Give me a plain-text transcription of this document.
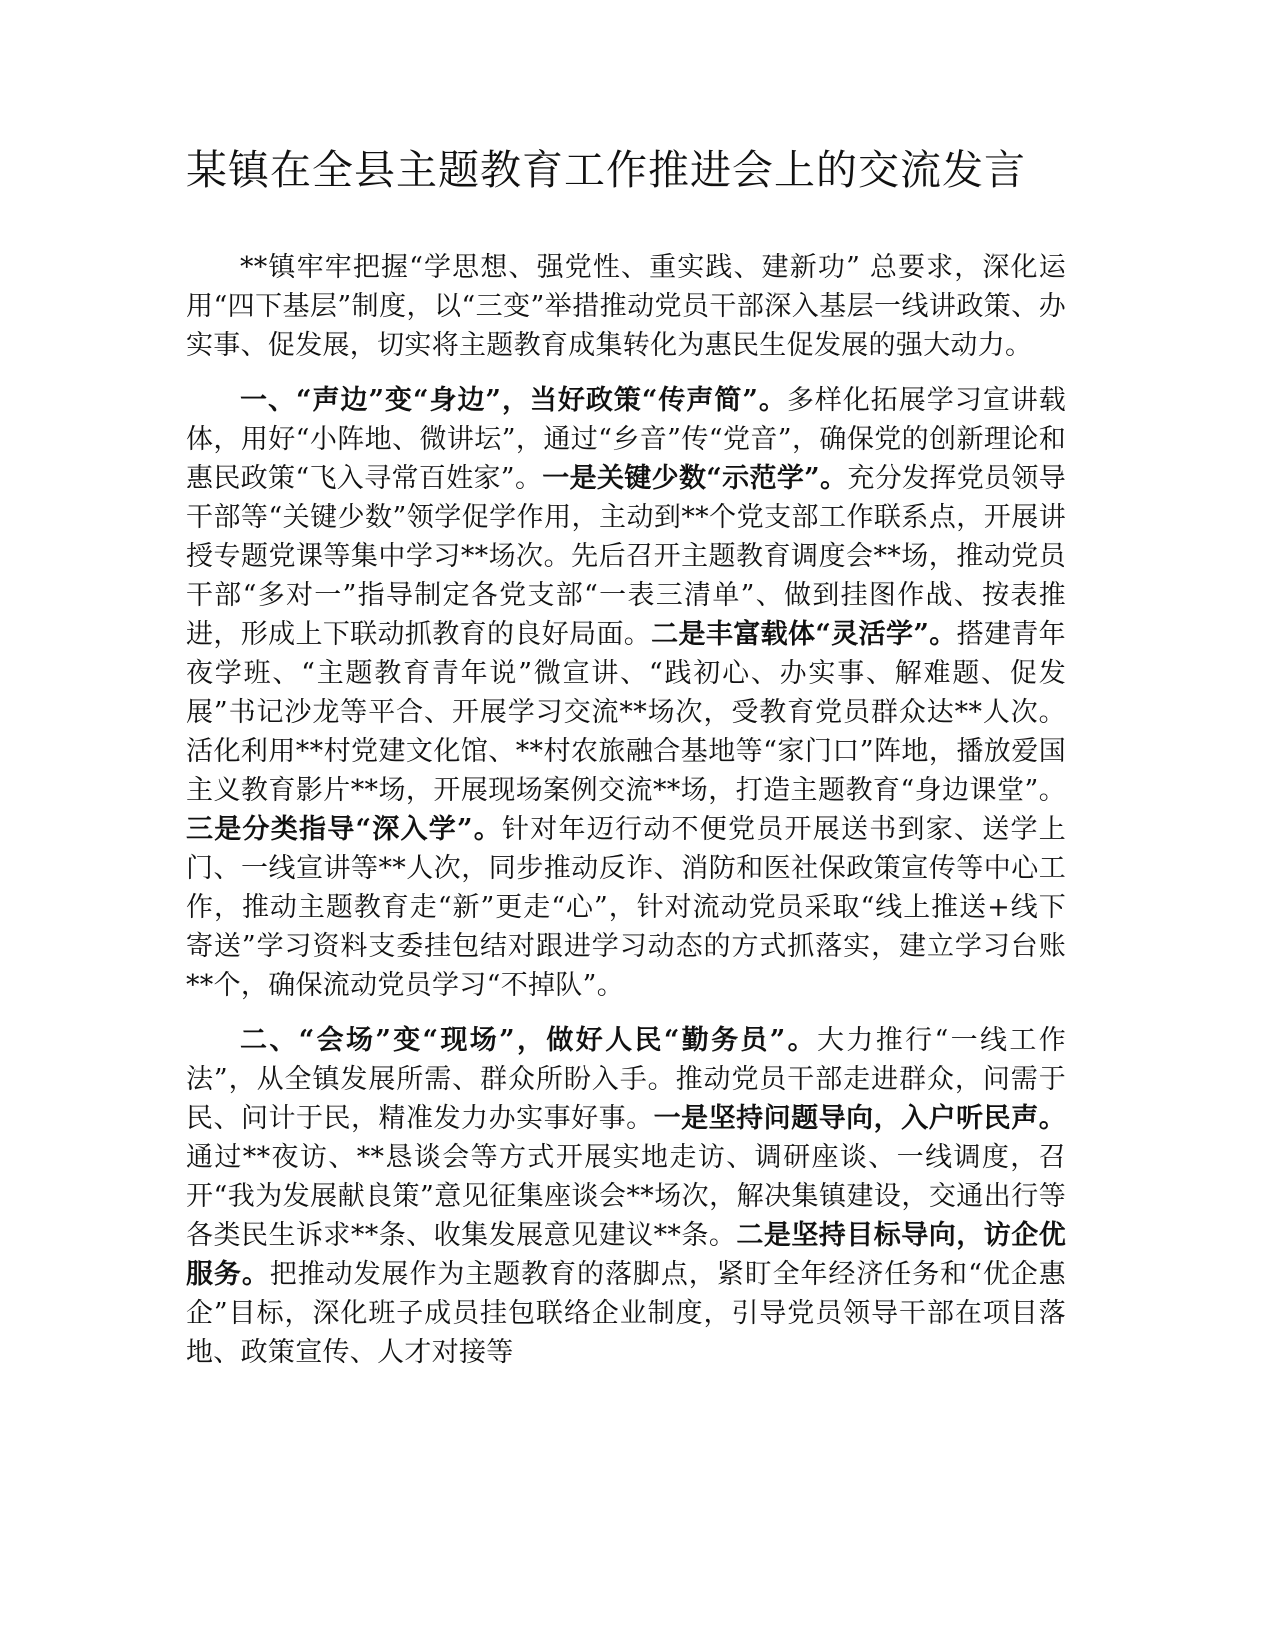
某镇在全县主题教育工作推进会上的交流发言

**镇牢牢把握“学思想、强党性、重实践、建新功” 总要求，深化运用“四下基层”制度，以“三变”举措推动党员干部深入基层一线讲政策、办实事、促发展，切实将主题教育成集转化为惠民生促发展的强大动力。

一、“声边”变“身边”，当好政策“传声简”。多样化拓展学习宣讲载体，用好“小阵地、微讲坛”，通过“乡音”传“党音”，确保党的创新理论和惠民政策“飞入寻常百姓家”。一是关键少数“示范学”。充分发挥党员领导干部等“关键少数”领学促学作用，主动到**个党支部工作联系点，开展讲授专题党课等集中学习**场次。先后召开主题教育调度会**场，推动党员干部“多对一”指导制定各党支部“一表三清单”、做到挂图作战、按表推进，形成上下联动抓教育的良好局面。二是丰富载体“灵活学”。搭建青年夜学班、“主题教育青年说”微宣讲、“践初心、办实事、解难题、促发展”书记沙龙等平合、开展学习交流**场次，受教育党员群众达**人次。活化利用**村党建文化馆、**村农旅融合基地等“家门口”阵地，播放爱国主义教育影片**场，开展现场案例交流**场，打造主题教育“身边课堂”。三是分类指导“深入学”。针对年迈行动不便党员开展送书到家、送学上门、一线宣讲等**人次，同步推动反诈、消防和医社保政策宣传等中心工作，推动主题教育走“新”更走“心”，针对流动党员采取“线上推送+线下寄送”学习资料支委挂包结对跟进学习动态的方式抓落实，建立学习台账**个，确保流动党员学习“不掉队”。

二、“会场”变“现场”，做好人民“勤务员”。大力推行“一线工作法”，从全镇发展所需、群众所盼入手。推动党员干部走进群众，问需于民、问计于民，精准发力办实事好事。一是坚持问题导向，入户听民声。通过**夜访、**恳谈会等方式开展实地走访、调研座谈、一线调度，召开“我为发展献良策”意见征集座谈会**场次，解决集镇建设，交通出行等各类民生诉求**条、收集发展意见建议**条。二是坚持目标导向，访企优服务。把推动发展作为主题教育的落脚点，紧盯全年经济任务和“优企惠企”目标，深化班子成员挂包联络企业制度，引导党员领导干部在项目落地、政策宣传、人才对接等
